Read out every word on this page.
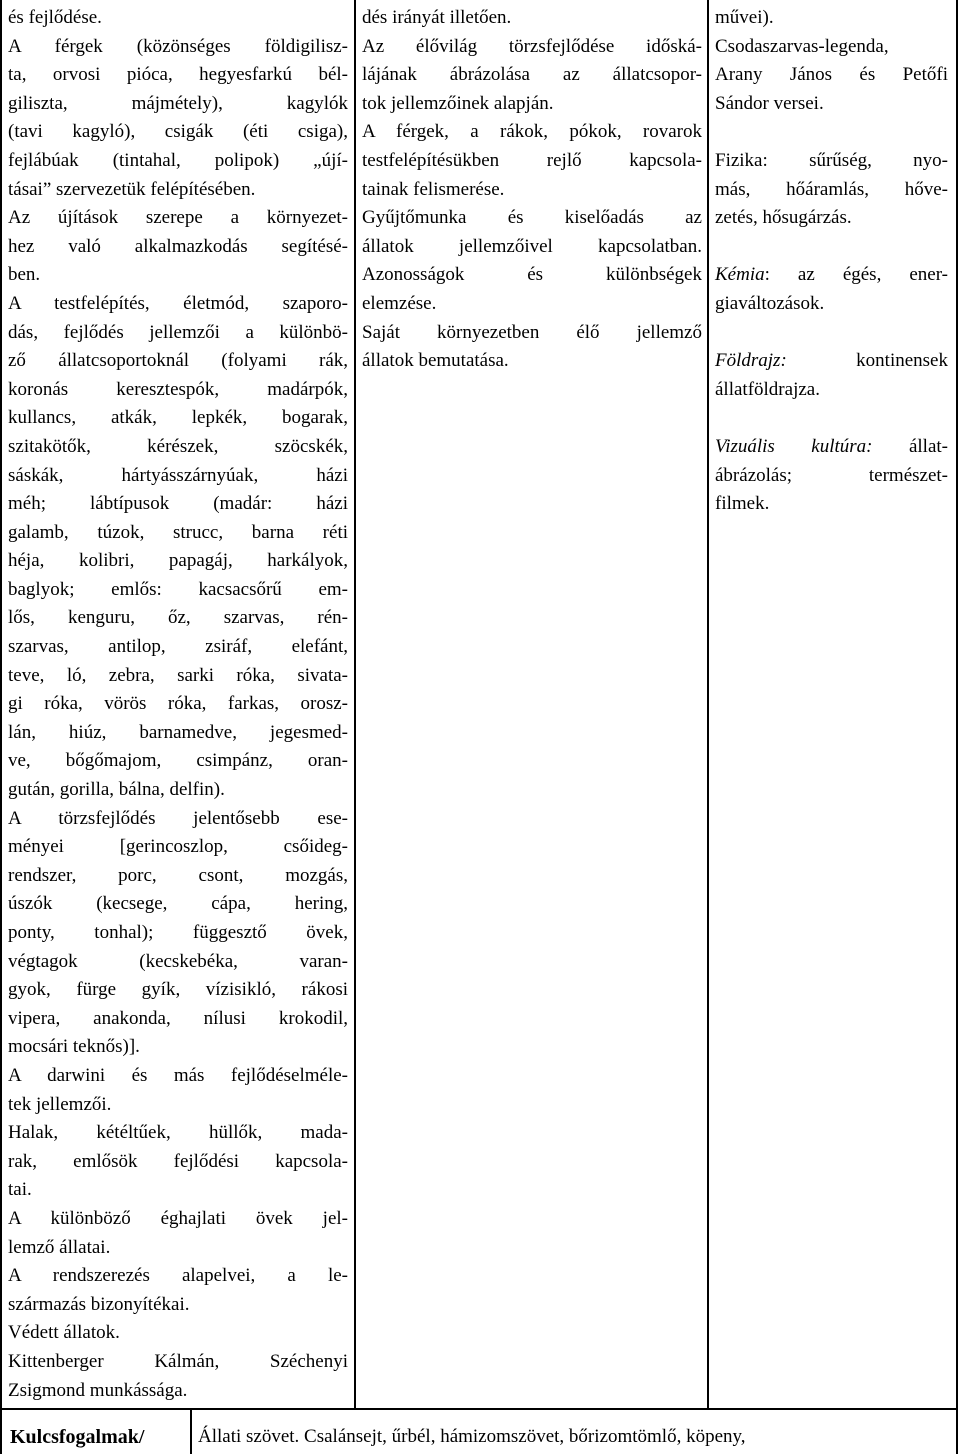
és fejlődése.

A férgek (közönséges földigilisz-

ta, orvosi pióca, hegyesfarkú bél-

gilisztа, májmétely), kagylók

(tavi kagyló), csigák (éti csiga),

fejlábúak (tintahal, polipok) „újí-

tásai” szervezetük felépítésében.

Az újítások szerepe a környezet-

hez való alkalmazkodás segítésé-

ben.

A testfelépítés, életmód, szaporo-

dás, fejlődés jellemzői a különbö-

ző állatcsoportoknál (folyami rák,

koronás keresztespók, madárpók,

kullancs, atkák, lepkék, bogarak,

szitakötők, kérészek, szöcskék,

sáskák, hártyásszárnyúak, házi

méh; lábtípusok (madár: házi

galamb, túzok, strucc, barna réti

héja, kolibri, papagáj, harkályok,

baglyok; emlős: kacsacsőrű em-

lős, kenguru, őz, szarvas, rén-

szarvas, antilop, zsiráf, elefánt,

teve, ló, zebra, sarki róka, sivata-

gi róka, vörös róka, farkas, orosz-

lán, hiúz, barnamedve, jegesmed-

ve, bőgőmajom, csimpánz, oran-

gután, gorilla, bálna, delfin).

A törzsfejlődés jelentősebb ese-

ményei [gerincoszlop, csőideg-

rendszer, porc, csont, mozgás,

úszók (kecsege, cápa, hering,

ponty, tonhal); függesztő övek,

végtagok (kecskebéka, varan-

gyok, fürge gyík, vízisikló, rákosi

vipera, anakonda, nílusi krokodil,

mocsári teknős)].

A darwini és más fejlődéselméle-

tek jellemzői.

Halak, kétéltűek, hüllők, mada-

rak, emlősök fejlődési kapcsola-

tai.

A különböző éghajlati övek jel-

lemző állatai.

A rendszerezés alapelvei, a le-

származás bizonyítékai.

Védett állatok.

Kittenberger Kálmán, Széchenyi

Zsigmond munkássága.

dés irányát illetően.

Az élővilág törzsfejlődése időská-

lájának ábrázolása az állatcsopor-

tok jellemzőinek alapján.

A férgek, a rákok, pókok, rovarok

testfelépítésükben rejlő kapcsola-

tainak felismerése.

Gyűjtőmunka és kiselőadás az

állatok jellemzőivel kapcsolatban.

Azonosságok és különbségek

elemzése.

Saját környezetben élő jellemző

állatok bemutatása.

művei).

Csodaszarvas-legenda,

Arany János és Petőfi

Sándor versei.

Fizika: sűrűség, nyo-

más, hőáramlás, hőve-

zetés, hősugárzás.

Kémia: az égés, ener-

giaváltozások.

Földrajz: kontinensek

állatföldrajza.

Vizuális kultúra: állat-

ábrázolás; természet-

filmek.

Kulcsfogalmak/	Állati szövet. Csalánsejt, űrbél, hámizomszövet, bőrizomtömlő, köpeny,
